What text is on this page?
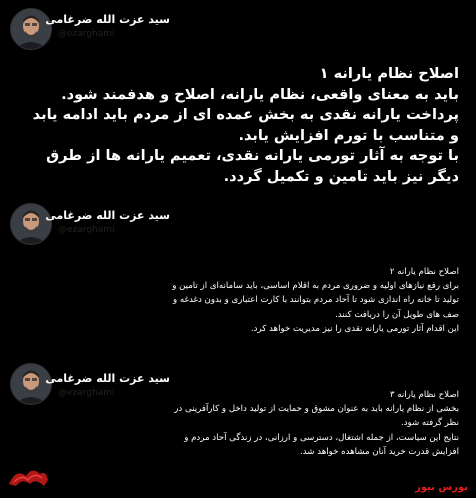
سید عزت الله ضرغامی
@ezarghami
اصلاح نظام یارانه ۱
باید به معنای واقعی، نظام یارانه، اصلاح و هدفمند شود.
پرداخت یارانه نقدی به بخش عمده ای از مردم باید ادامه یابد
و متناسب با تورم افزایش یابد.
با توجه به آثار تورمی یارانه نقدی، تعمیم یارانه ها از طرق
دیگر نیز باید تامین و تکمیل گردد.
سید عزت الله ضرغامی
@ezarghami
اصلاح نظام یارانه ۲
برای رفع نیازهای اولیه و ضروری مردم به اقلام اساسی، باید سامانه‌ای از تامین و
تولید تا خانه راه اندازی شود تا آحاد مردم بتوانند با کارت اعتباری و بدون دغدغه و
صف های طویل آن را دریافت کنند.
این اقدام آثار تورمی یارانه نقدی را نیز مدیریت خواهد کرد.
سید عزت الله ضرغامی
@ezarghami	اصلاح نظام یارانه ۳
بخشی از نظام یارانه باید به عنوان مشوق و حمایت از تولید داخل و کارآفرینی در
نظر گرفته شود.
نتایج این سیاست، از جمله اشتغال، دسترسی و ارزانی، در زندگی آحاد مردم و
افزایش قدرت خرید آنان مشاهده خواهد شد.
بورس نیوز
